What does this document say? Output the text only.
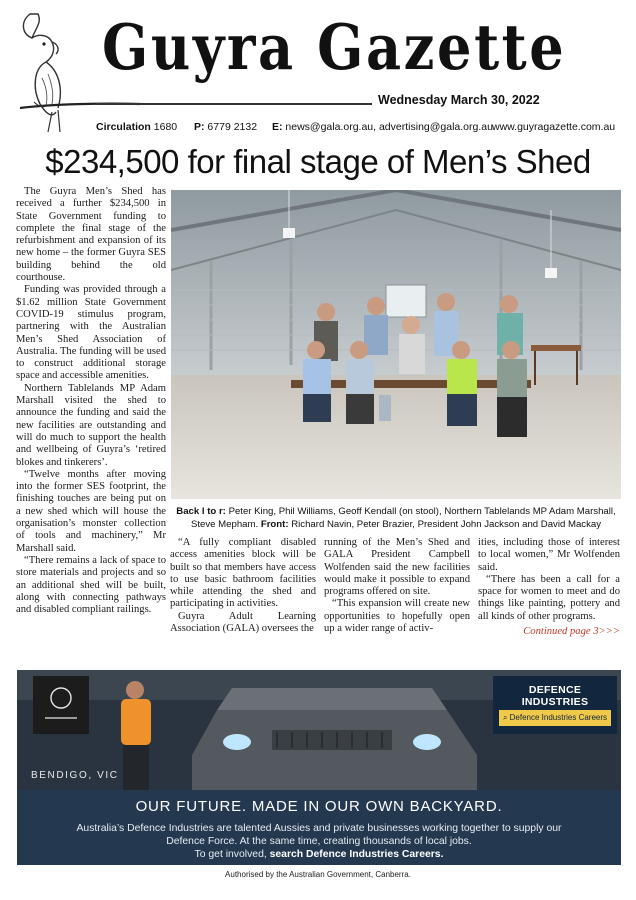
Guyra Gazette
Wednesday March 30, 2022
Circulation 1680 P: 6779 2132 E: news@gala.org.au, advertising@gala.org.au www.guyragazette.com.au
$234,500 for final stage of Men’s Shed

The Guyra Men’s Shed has received a further $234,500 in State Government funding to complete the final stage of the refurbishment and expansion of its new home – the former Guyra SES building behind the old courthouse.

Funding was provided through a $1.62 million State Government COVID-19 stimulus program, partnering with the Australian Men’s Shed Association of Australia. The funding will be used to construct additional storage space and accessible amenities.

Northern Tablelands MP Adam Marshall visited the shed to announce the funding and said the new facilities are outstanding and will do much to support the health and wellbeing of Guyra’s ‘retired blokes and tinkerers’.

“Twelve months after moving into the former SES footprint, the finishing touches are being put on a new shed which will house the organisation’s monster collection of tools and machinery,” Mr Marshall said.

“There remains a lack of space to store materials and projects and so an additional shed will be built, along with connecting pathways and disabled compliant railings.

Back l to r: Peter King, Phil Williams, Geoff Kendall (on stool), Northern Tablelands MP Adam Marshall, Steve Mepham. Front: Richard Navin, Peter Brazier, President John Jackson and David Mackay

“A fully compliant disabled access amenities block will be built so that members have access to use basic bathroom facilities while attending the shed and participating in activities.

Guyra Adult Learning Association (GALA) oversees the

running of the Men’s Shed and GALA President Campbell Wolfenden said the new facilities would make it possible to expand programs offered on site.

“This expansion will create new opportunities to hopefully open up a wider range of activ-

ities, including those of interest to local women,” Mr Wolfenden said.

“There has been a call for a space for women to meet and do things like painting, pottery and all kinds of other programs.

Continued page 3>>>

DEFENCE INDUSTRIES
⌕ Defence Industries Careers
BENDIGO, VIC
OUR FUTURE. MADE IN OUR OWN BACKYARD.
Australia’s Defence Industries are talented Aussies and private businesses working together to supply our Defence Force. At the same time, creating thousands of local jobs.
To get involved, search Defence Industries Careers.
Authorised by the Australian Government, Canberra.
